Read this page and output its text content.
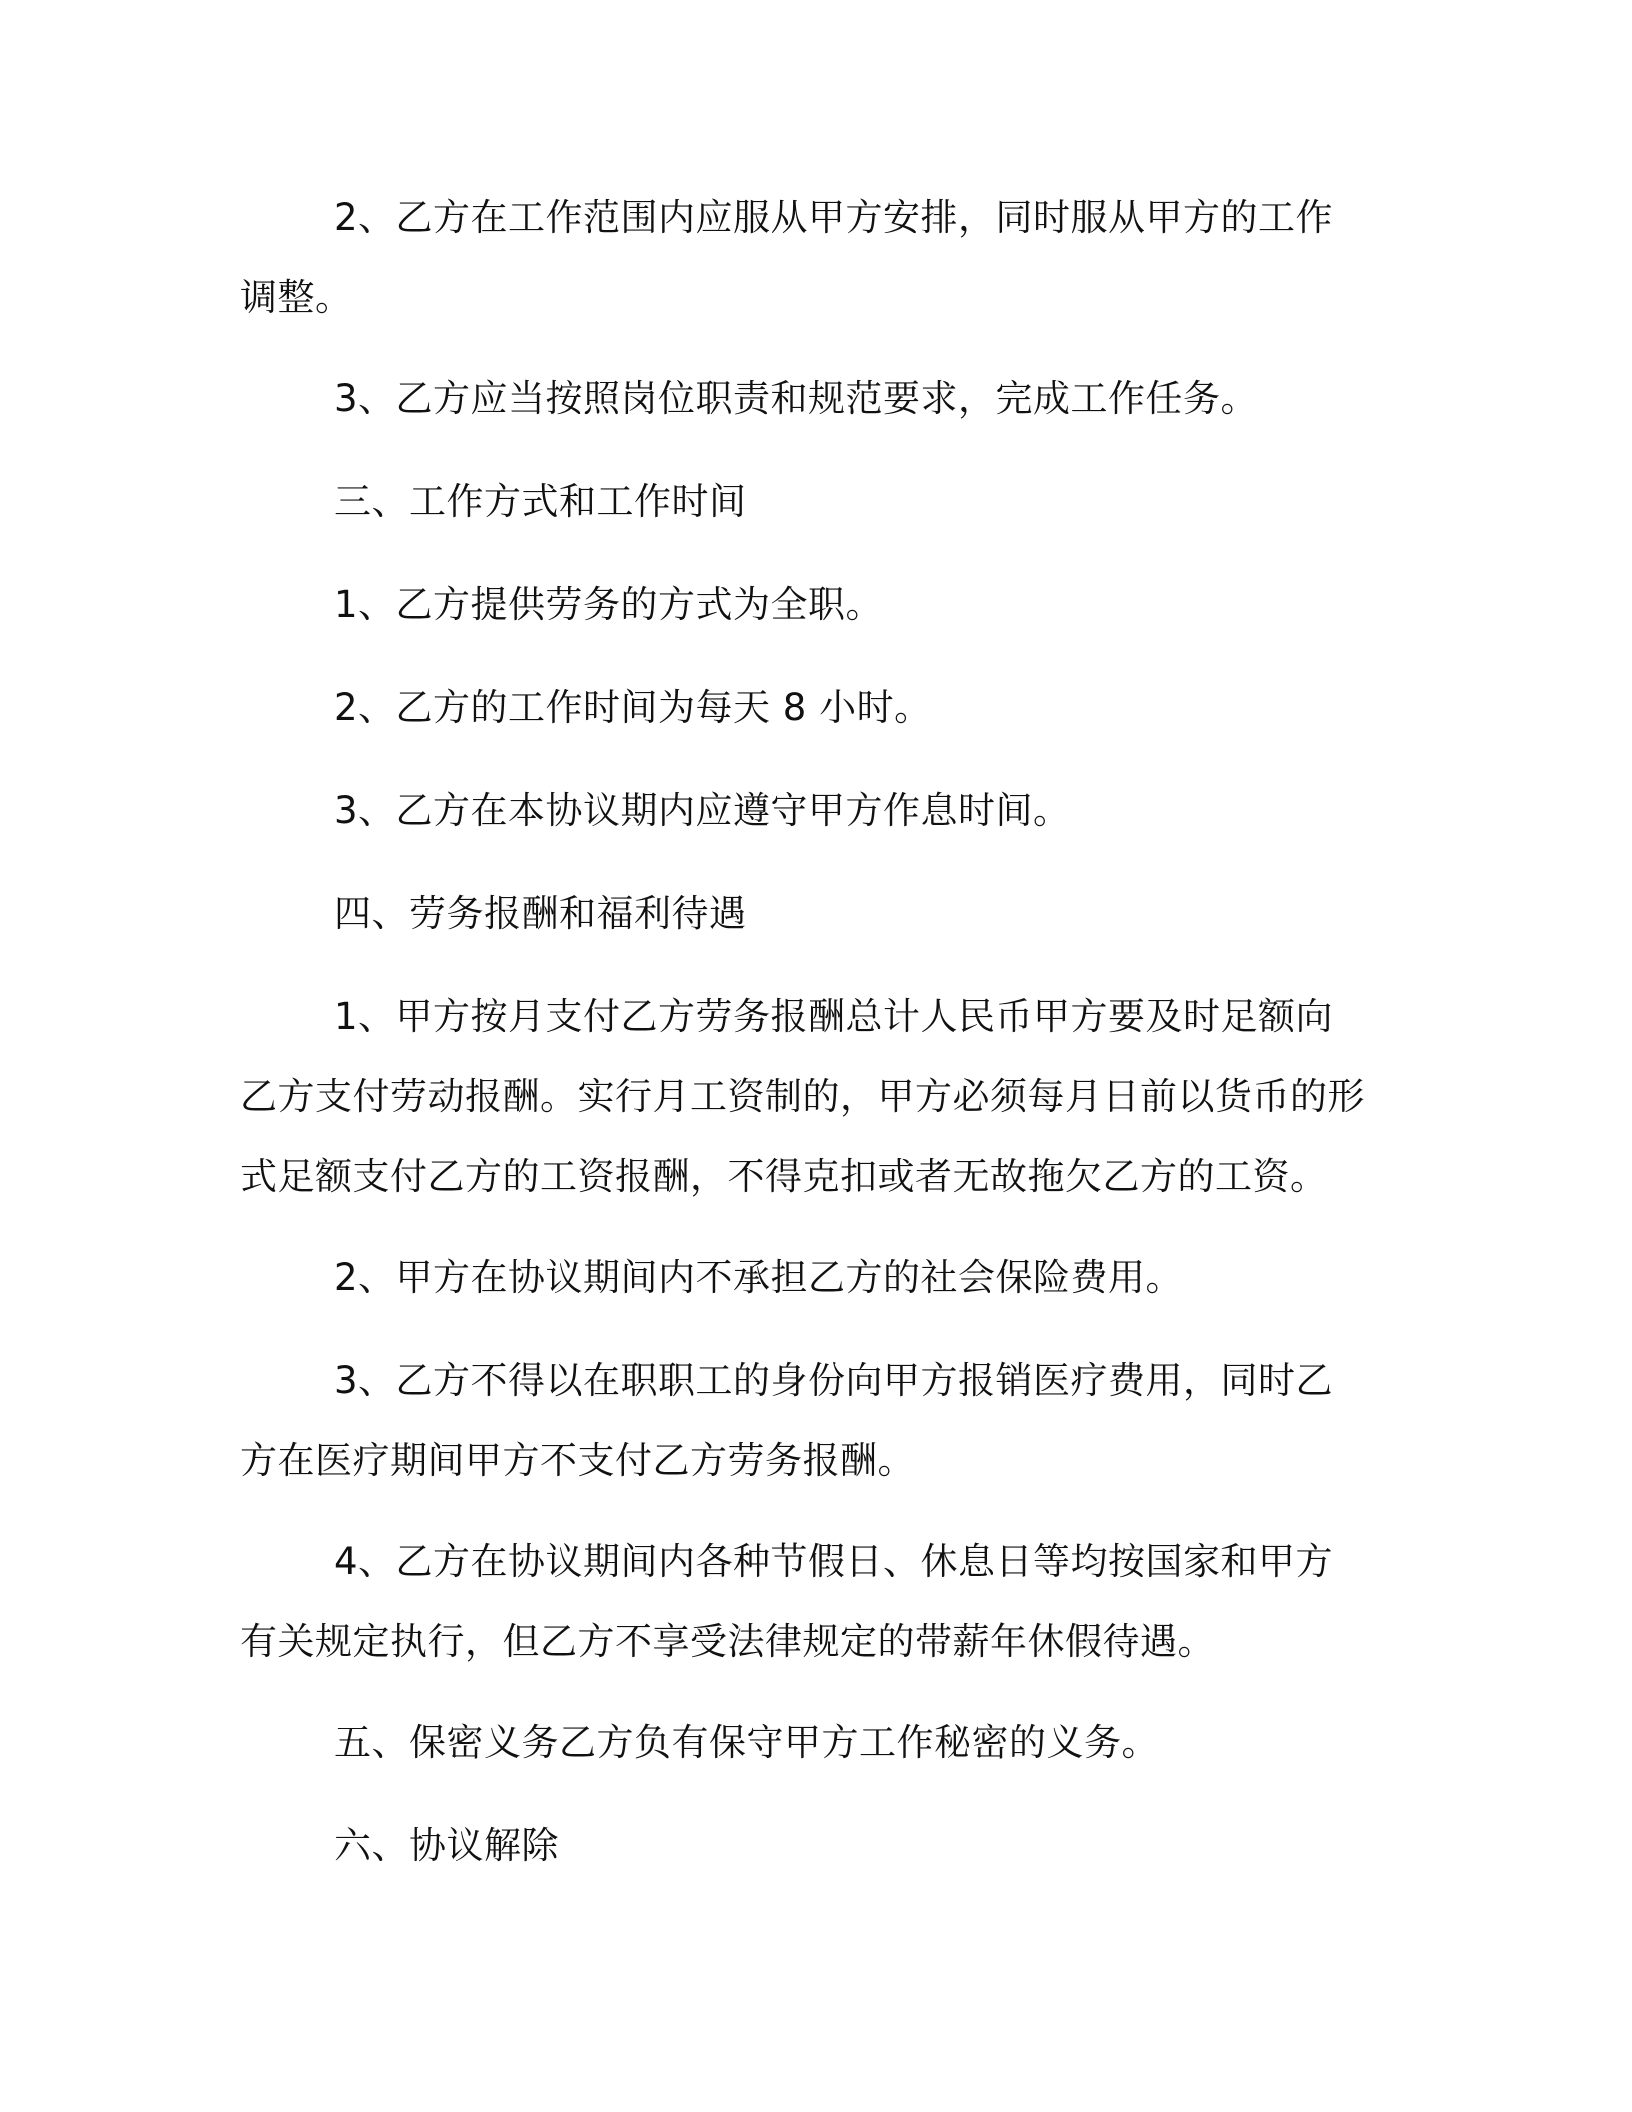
2、乙方在工作范围内应服从甲方安排，同时服从甲方的工作调整。

3、乙方应当按照岗位职责和规范要求，完成工作任务。

三、工作方式和工作时间

1、乙方提供劳务的方式为全职。

2、乙方的工作时间为每天 8 小时。

3、乙方在本协议期内应遵守甲方作息时间。

四、劳务报酬和福利待遇

1、甲方按月支付乙方劳务报酬总计人民币甲方要及时足额向乙方支付劳动报酬。实行月工资制的，甲方必须每月日前以货币的形式足额支付乙方的工资报酬，不得克扣或者无故拖欠乙方的工资。

2、甲方在协议期间内不承担乙方的社会保险费用。

3、乙方不得以在职职工的身份向甲方报销医疗费用，同时乙方在医疗期间甲方不支付乙方劳务报酬。

4、乙方在协议期间内各种节假日、休息日等均按国家和甲方有关规定执行，但乙方不享受法律规定的带薪年休假待遇。

五、保密义务乙方负有保守甲方工作秘密的义务。

六、协议解除
